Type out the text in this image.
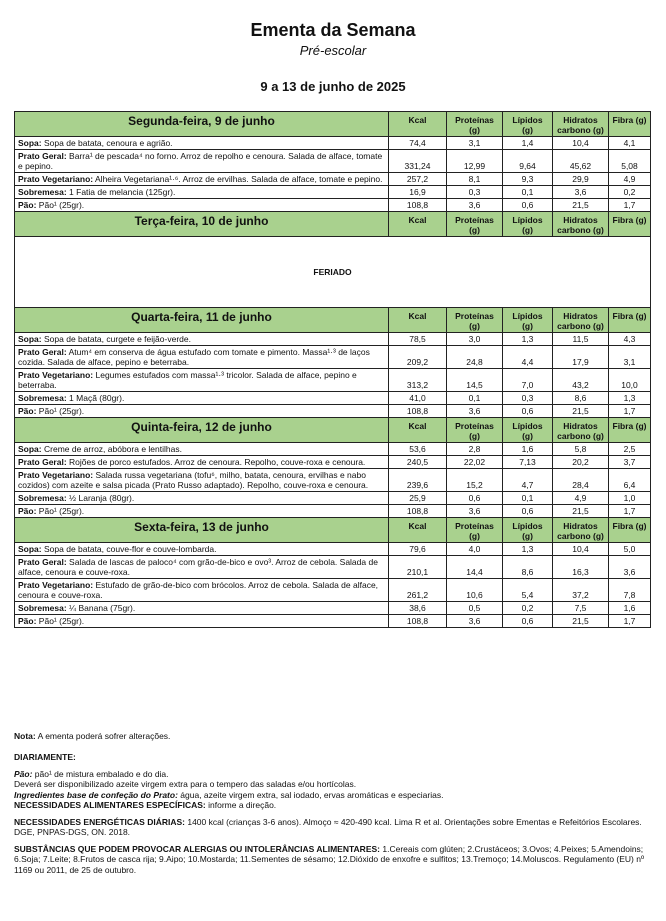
Ementa da Semana
Pré-escolar
9 a 13 de junho de 2025
Segunda-feira, 9 de junho	Kcal	Proteínas (g)	Lípidos (g)	Hidratos carbono (g)	Fibra (g)
Sopa: Sopa de batata, cenoura e agrião.	74,4	3,1	1,4	10,4	4,1
Prato Geral: Barra¹ de pescada⁴ no forno. Arroz de repolho e cenoura. Salada de alface, tomate e pepino.	331,24	12,99	9,64	45,62	5,08
Prato Vegetariano: Alheira Vegetariana¹·⁶. Arroz de ervilhas. Salada de alface, tomate e pepino.	257,2	8,1	9,3	29,9	4,9
Sobremesa: 1 Fatia de melancia (125gr).	16,9	0,3	0,1	3,6	0,2
Pão: Pão¹ (25gr).	108,8	3,6	0,6	21,5	1,7
Terça-feira, 10 de junho	Kcal	Proteínas (g)	Lípidos (g)	Hidratos carbono (g)	Fibra (g)
FERIADO					
Quarta-feira, 11 de junho	Kcal	Proteínas (g)	Lípidos (g)	Hidratos carbono (g)	Fibra (g)
Sopa: Sopa de batata, curgete e feijão-verde.	78,5	3,0	1,3	11,5	4,3
Prato Geral: Atum⁴ em conserva de água estufado com tomate e pimento. Massa¹·³ de laços cozida. Salada de alface, pepino e beterraba.	209,2	24,8	4,4	17,9	3,1
Prato Vegetariano: Legumes estufados com massa¹·³ tricolor. Salada de alface, pepino e beterraba.	313,2	14,5	7,0	43,2	10,0
Sobremesa: 1 Maçã (80gr).	41,0	0,1	0,3	8,6	1,3
Pão: Pão¹ (25gr).	108,8	3,6	0,6	21,5	1,7
Quinta-feira, 12 de junho	Kcal	Proteínas (g)	Lípidos (g)	Hidratos carbono (g)	Fibra (g)
Sopa: Creme de arroz, abóbora e lentilhas.	53,6	2,8	1,6	5,8	2,5
Prato Geral: Rojões de porco estufados. Arroz de cenoura. Repolho, couve-roxa e cenoura.	240,5	22,02	7,13	20,2	3,7
Prato Vegetariano: Salada russa vegetariana (tofu⁶, milho, batata, cenoura, ervilhas e nabo cozidos) com azeite e salsa picada (Prato Russo adaptado). Repolho, couve-roxa e cenoura.	239,6	15,2	4,7	28,4	6,4
Sobremesa: ½ Laranja (80gr).	25,9	0,6	0,1	4,9	1,0
Pão: Pão¹ (25gr).	108,8	3,6	0,6	21,5	1,7
Sexta-feira, 13 de junho	Kcal	Proteínas (g)	Lípidos (g)	Hidratos carbono (g)	Fibra (g)
Sopa: Sopa de batata, couve-flor e couve-lombarda.	79,6	4,0	1,3	10,4	5,0
Prato Geral: Salada de lascas de paloco⁴ com grão-de-bico e ovo³. Arroz de cebola. Salada de alface, cenoura e couve-roxa.	210,1	14,4	8,6	16,3	3,6
Prato Vegetariano: Estufado de grão-de-bico com brócolos. Arroz de cebola. Salada de alface, cenoura e couve-roxa.	261,2	10,6	5,4	37,2	7,8
Sobremesa: ¼ Banana (75gr).	38,6	0,5	0,2	7,5	1,6
Pão: Pão¹ (25gr).	108,8	3,6	0,6	21,5	1,7
Nota: A ementa poderá sofrer alterações.

DIARIAMENTE:

Pão: pão¹ de mistura embalado e do dia.

Deverá ser disponibilizado azeite virgem extra para o tempero das saladas e/ou hortícolas.

Ingredientes base de confeção do Prato: água, azeite virgem extra, sal iodado, ervas aromáticas e especiarias.

NECESSIDADES ALIMENTARES ESPECÍFICAS: informe a direção.

NECESSIDADES ENERGÉTICAS DIÁRIAS: 1400 kcal (crianças 3-6 anos). Almoço ≈ 420-490 kcal. Lima R et al. Orientações sobre Ementas e Refeitórios Escolares. DGE, PNPAS-DGS, ON. 2018.

SUBSTÂNCIAS QUE PODEM PROVOCAR ALERGIAS OU INTOLERÂNCIAS ALIMENTARES: 1.Cereais com glúten; 2.Crustáceos; 3.Ovos; 4.Peixes; 5.Amendoins; 6.Soja; 7.Leite; 8.Frutos de casca rija; 9.Aipo; 10.Mostarda; 11.Sementes de sésamo; 12.Dióxido de enxofre e sulfitos; 13.Tremoço; 14.Moluscos. Regulamento (EU) nº 1169 ou 2011, de 25 de outubro.
